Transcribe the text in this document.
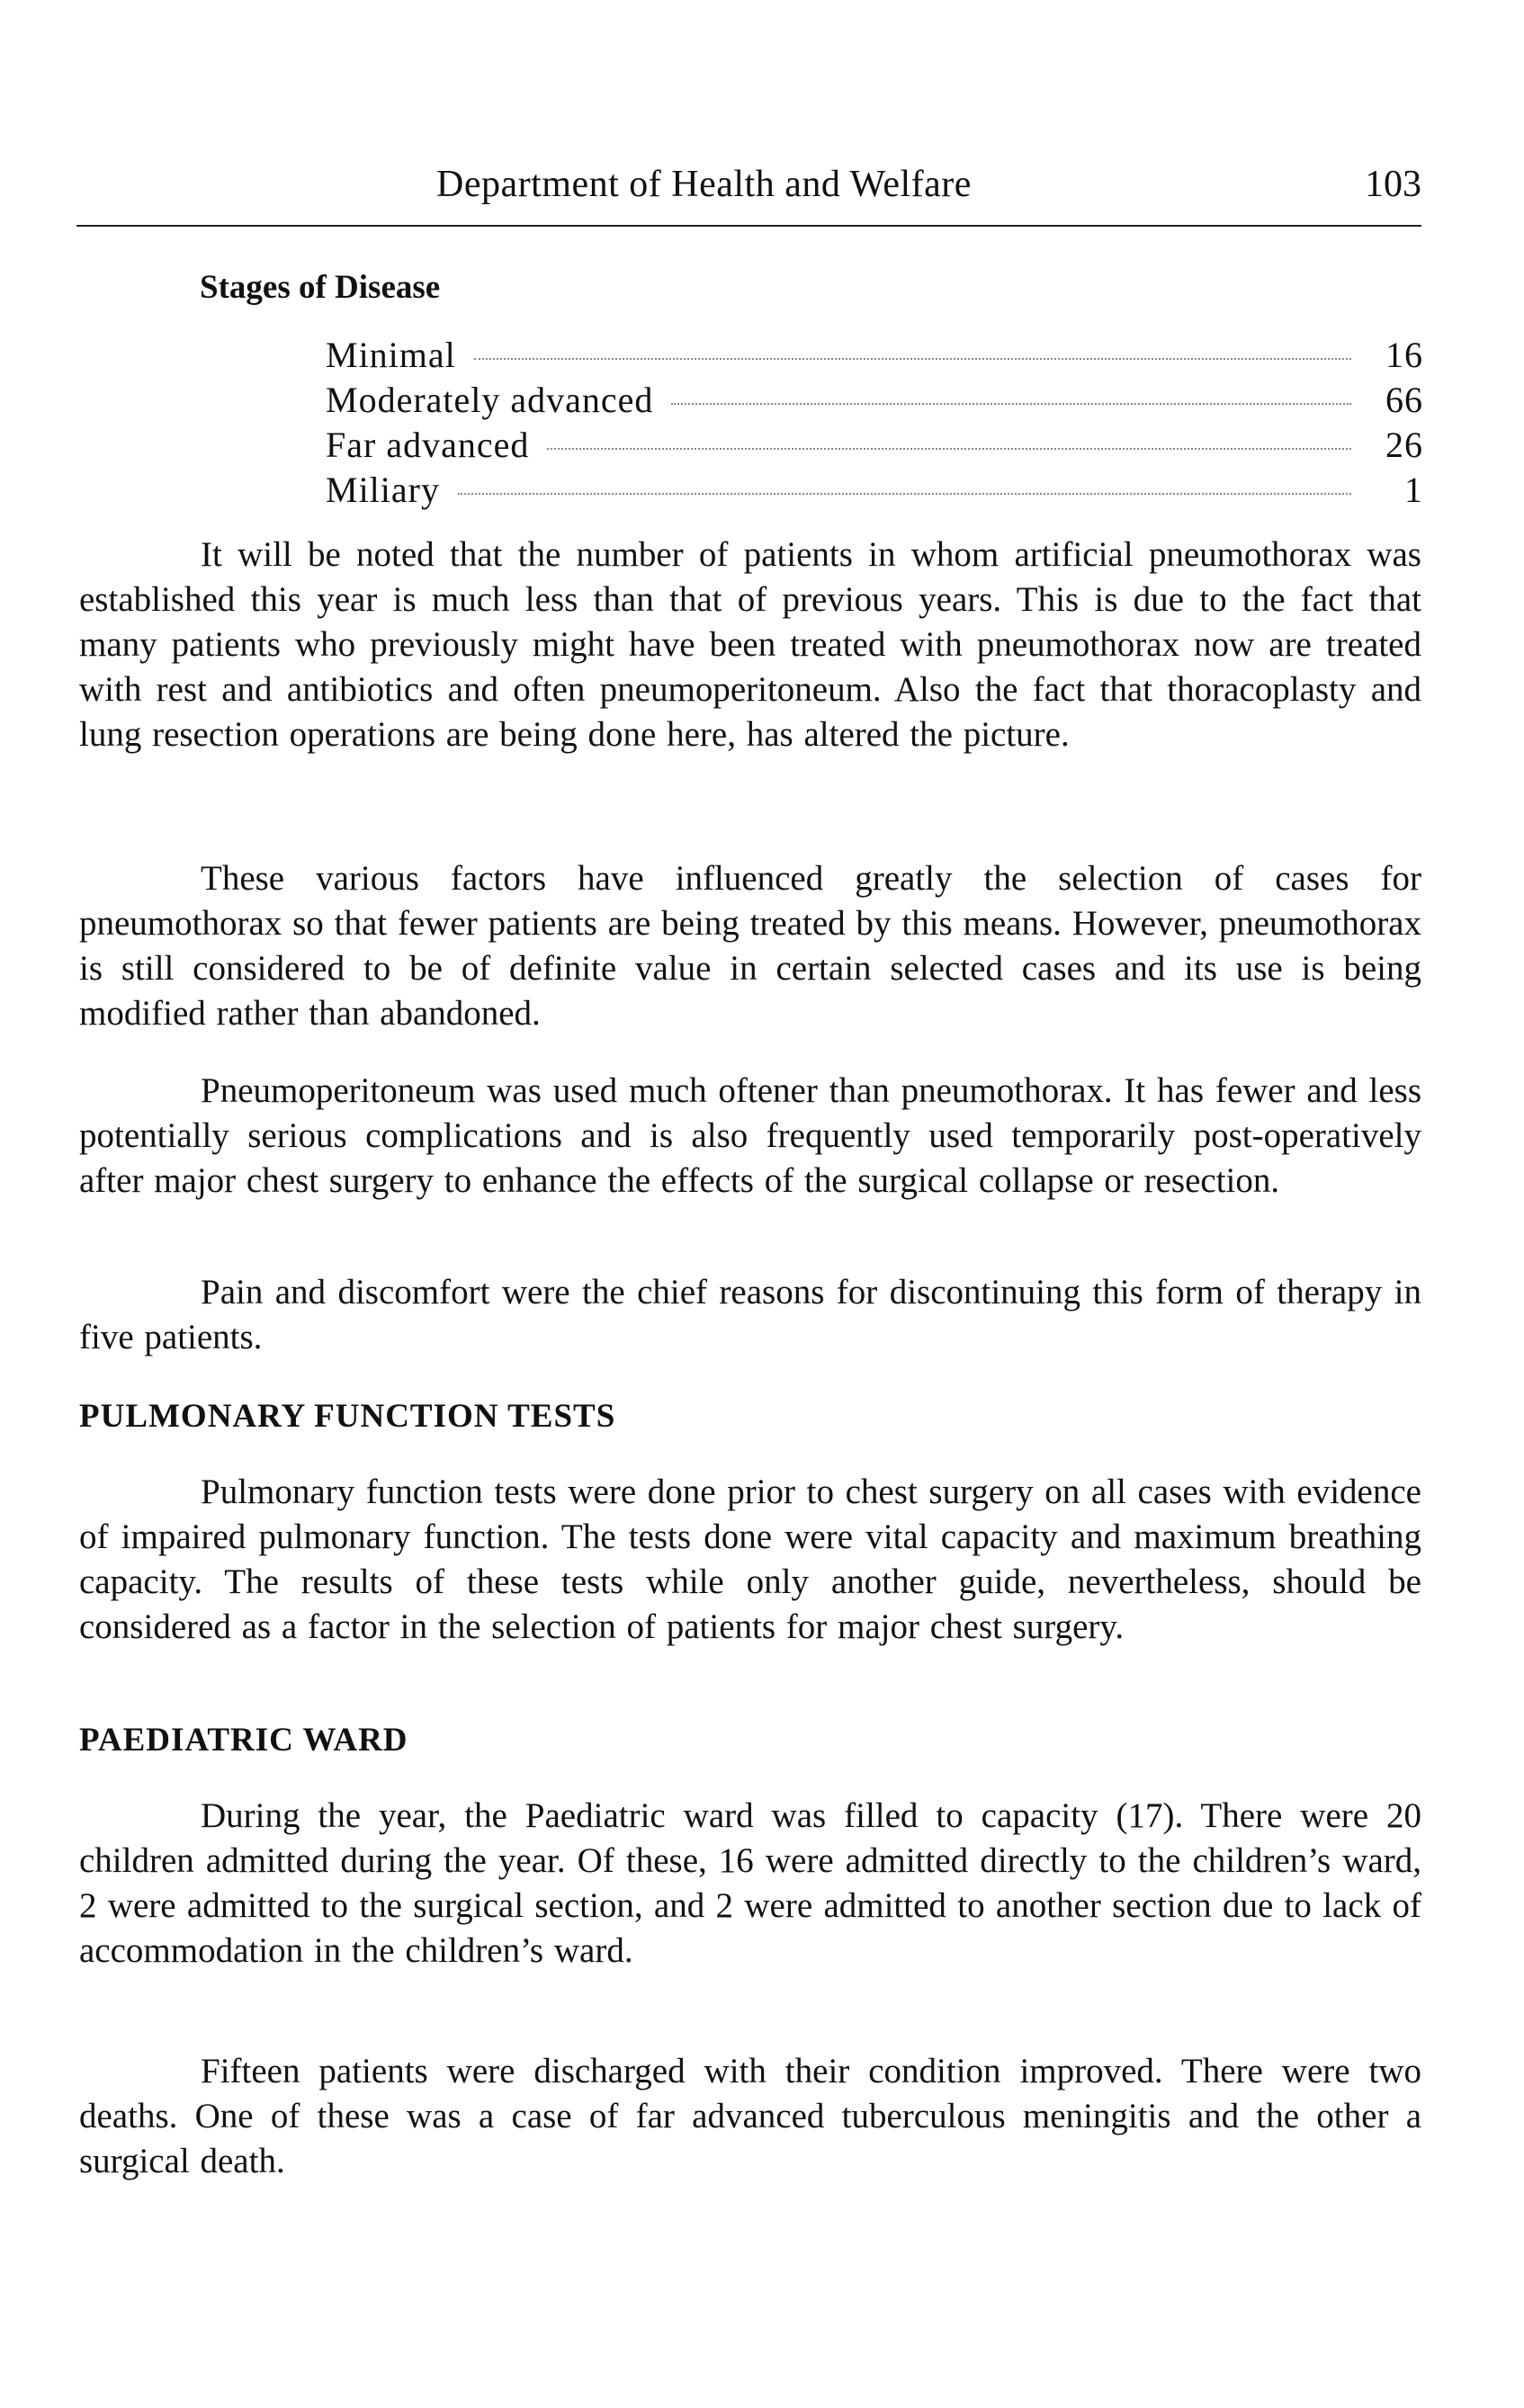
Department of Health and Welfare	103
Stages of Disease
Minimal	16
Moderately advanced	66
Far advanced	26
Miliary	1

It will be noted that the number of patients in whom artificial pneumothorax was established this year is much less than that of previous years. This is due to the fact that many patients who previously might have been treated with pneumothorax now are treated with rest and antibiotics and often pneumoperitoneum. Also the fact that thoracoplasty and lung resection operations are being done here, has altered the picture.

These various factors have influenced greatly the selection of cases for pneumothorax so that fewer patients are being treated by this means. However, pneumothorax is still considered to be of definite value in certain selected cases and its use is being modified rather than abandoned.

Pneumoperitoneum was used much oftener than pneumothorax. It has fewer and less potentially serious complications and is also frequently used temporarily post-operatively after major chest surgery to enhance the effects of the surgical collapse or resection.

Pain and discomfort were the chief reasons for discontinuing this form of therapy in five patients.

PULMONARY FUNCTION TESTS

Pulmonary function tests were done prior to chest surgery on all cases with evidence of impaired pulmonary function. The tests done were vital capacity and maximum breathing capacity. The results of these tests while only another guide, nevertheless, should be considered as a factor in the selection of patients for major chest surgery.

PAEDIATRIC WARD

During the year, the Paediatric ward was filled to capacity (17). There were 20 children admitted during the year. Of these, 16 were admitted directly to the children’s ward, 2 were admitted to the surgical section, and 2 were admitted to another section due to lack of accommodation in the children’s ward.

Fifteen patients were discharged with their condition improved. There were two deaths. One of these was a case of far advanced tuberculous meningitis and the other a surgical death.
